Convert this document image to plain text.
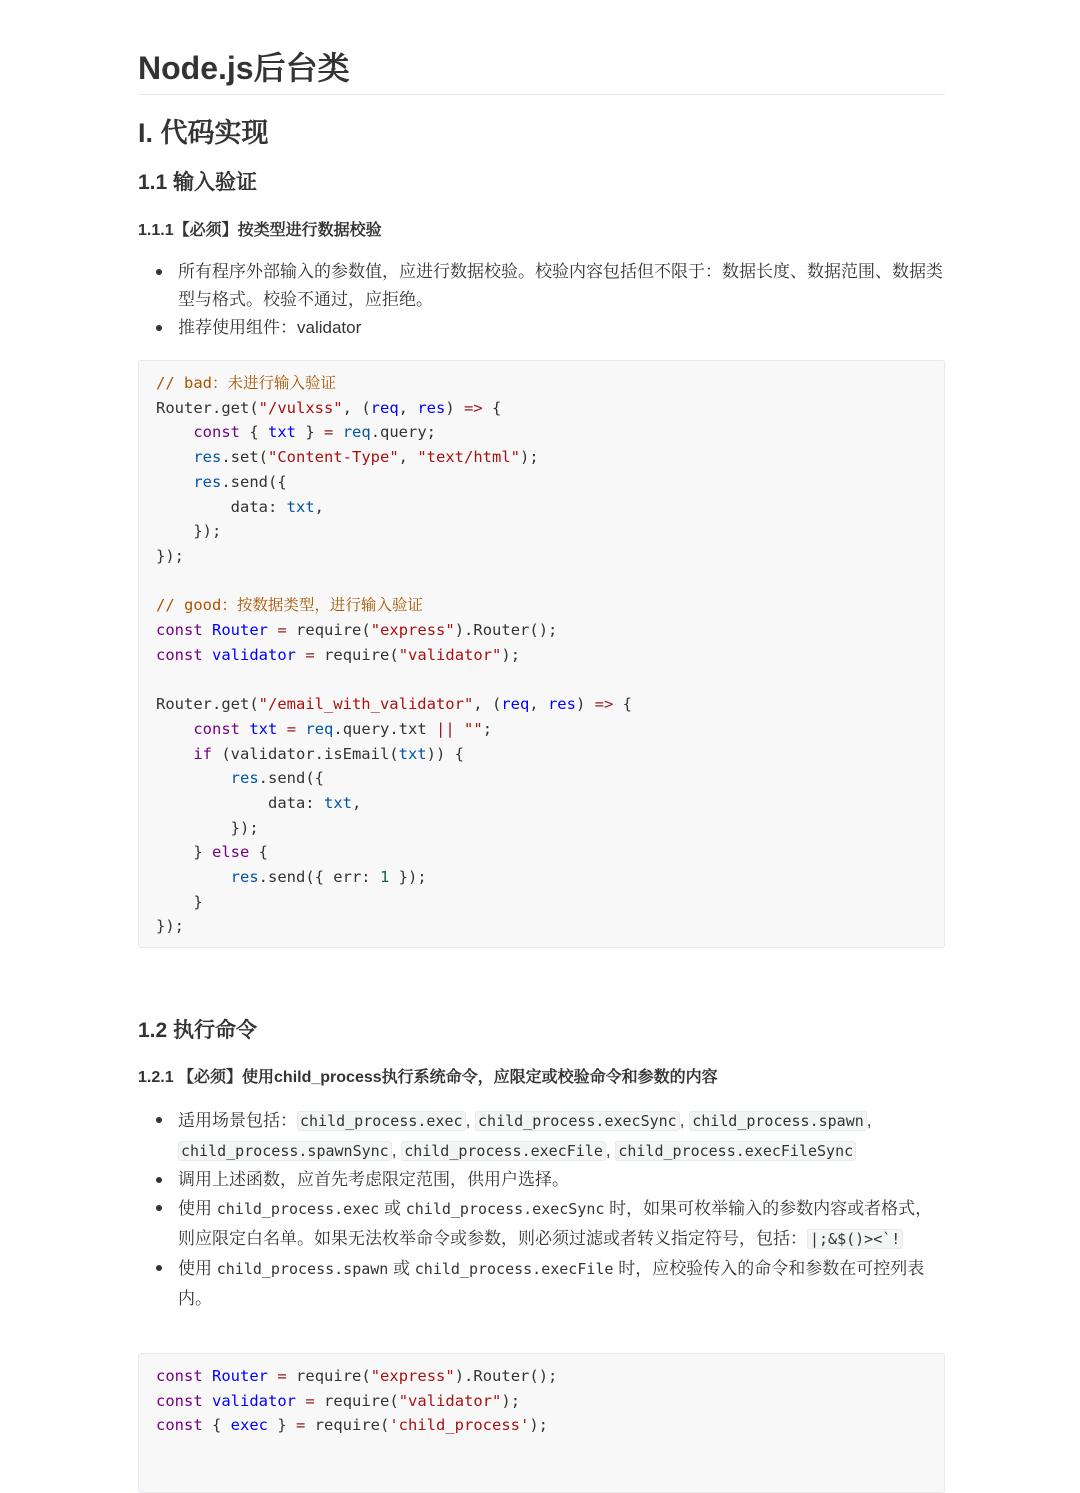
Node.js后台类
I. 代码实现
1.1 输入验证
1.1.1【必须】按类型进行数据校验
所有程序外部输入的参数值，应进行数据校验。校验内容包括但不限于：数据长度、数据范围、数据类型与格式。校验不通过，应拒绝。
推荐使用组件：validator
// bad：未进行输入验证
Router.get("/vulxss", (req, res) => {
const { txt } = req.query;
res.set("Content-Type", "text/html");
res.send({
data: txt,
});
});

// good：按数据类型，进行输入验证
const Router = require("express").Router();
const validator = require("validator");

Router.get("/email_with_validator", (req, res) => {
const txt = req.query.txt || "";
if (validator.isEmail(txt)) {
res.send({
data: txt,
});
} else {
res.send({ err: 1 });
}
});
1.2 执行命令
1.2.1 【必须】使用child_process执行系统命令，应限定或校验命令和参数的内容
适用场景包括： child_process.exec , child_process.execSync , child_process.spawn ,
child_process.spawnSync , child_process.execFile , child_process.execFileSync
调用上述函数，应首先考虑限定范围，供用户选择。
使用 child_process.exec 或 child_process.execSync 时，如果可枚举输入的参数内容或者格式，则应限定白名单。如果无法枚举命令或参数，则必须过滤或者转义指定符号，包括： |;&$()><`!
使用 child_process.spawn 或 child_process.execFile 时，应校验传入的命令和参数在可控列表内。
const Router = require("express").Router();
const validator = require("validator");
const { exec } = require('child_process');
